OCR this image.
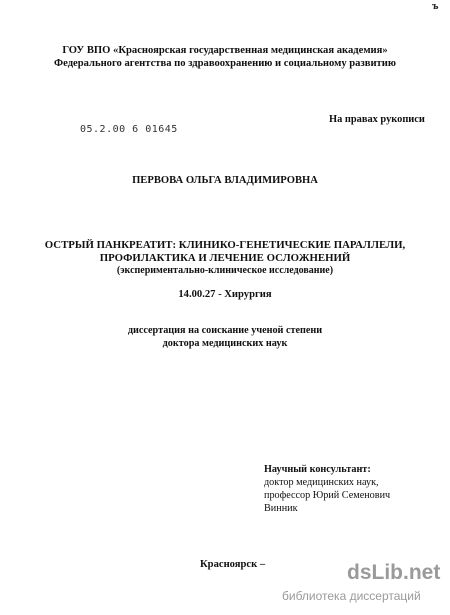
ъ
ГОУ ВПО «Красноярская государственная медицинская академия»
Федерального агентства по здравоохранению и социальному развитию
На правах рукописи
05.2.00 6 01645
ПЕРВОВА ОЛЬГА ВЛАДИМИРОВНА
ОСТРЫЙ ПАНКРЕАТИТ: КЛИНИКО-ГЕНЕТИЧЕСКИЕ ПАРАЛЛЕЛИ,
ПРОФИЛАКТИКА И ЛЕЧЕНИЕ ОСЛОЖНЕНИЙ
(экспериментально-клиническое исследование)
14.00.27 - Хирургия
диссертация на соискание ученой степени
доктора медицинских наук
Научный консультант:
доктор медицинских наук,
профессор Юрий Семенович
Винник
Красноярск –	dsLib.net
библиотека диссертаций
